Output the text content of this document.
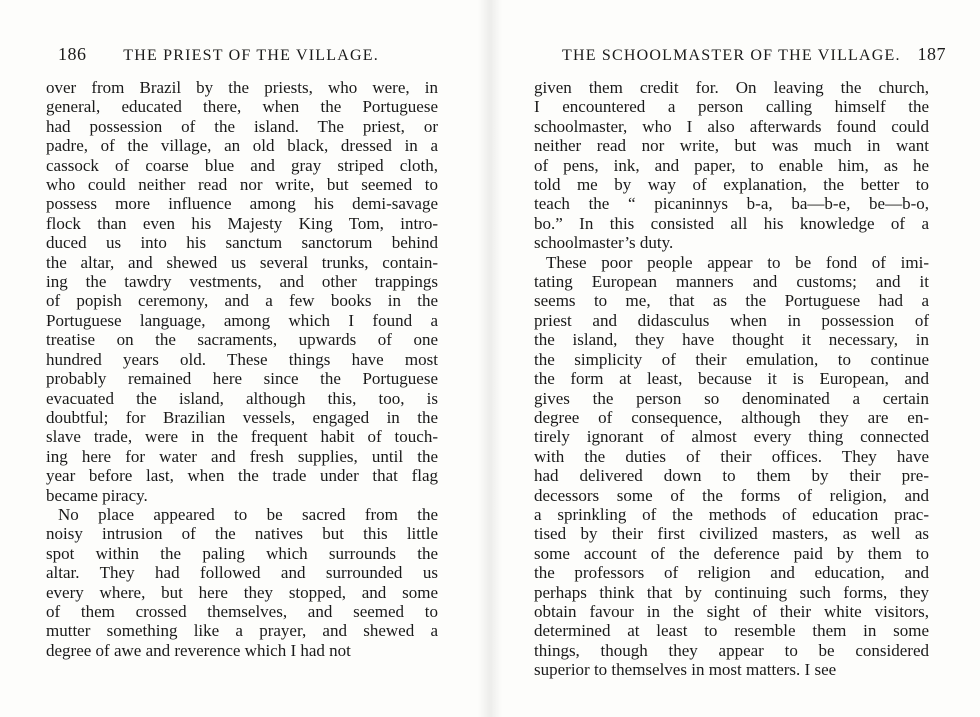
186 THE PRIEST OF THE VILLAGE.
over from Brazil by the priests, who were, in
general, educated there, when the Portuguese
had possession of the island. The priest, or
padre, of the village, an old black, dressed in a
cassock of coarse blue and gray striped cloth,
who could neither read nor write, but seemed to
possess more influence among his demi-savage
flock than even his Majesty King Tom, intro-
duced us into his sanctum sanctorum behind
the altar, and shewed us several trunks, contain-
ing the tawdry vestments, and other trappings
of popish ceremony, and a few books in the
Portuguese language, among which I found a
treatise on the sacraments, upwards of one
hundred years old. These things have most
probably remained here since the Portuguese
evacuated the island, although this, too, is
doubtful; for Brazilian vessels, engaged in the
slave trade, were in the frequent habit of touch-
ing here for water and fresh supplies, until the
year before last, when the trade under that flag
became piracy.
No place appeared to be sacred from the
noisy intrusion of the natives but this little
spot within the paling which surrounds the
altar. They had followed and surrounded us
every where, but here they stopped, and some
of them crossed themselves, and seemed to
mutter something like a prayer, and shewed a
degree of awe and reverence which I had not
THE SCHOOLMASTER OF THE VILLAGE. 187
given them credit for. On leaving the church,
I encountered a person calling himself the
schoolmaster, who I also afterwards found could
neither read nor write, but was much in want
of pens, ink, and paper, to enable him, as he
told me by way of explanation, the better to
teach the “ picaninnys b-a, ba—b-e, be—b-o,
bo.” In this consisted all his knowledge of a
schoolmaster’s duty.
These poor people appear to be fond of imi-
tating European manners and customs; and it
seems to me, that as the Portuguese had a
priest and didasculus when in possession of
the island, they have thought it necessary, in
the simplicity of their emulation, to continue
the form at least, because it is European, and
gives the person so denominated a certain
degree of consequence, although they are en-
tirely ignorant of almost every thing connected
with the duties of their offices. They have
had delivered down to them by their pre-
decessors some of the forms of religion, and
a sprinkling of the methods of education prac-
tised by their first civilized masters, as well as
some account of the deference paid by them to
the professors of religion and education, and
perhaps think that by continuing such forms, they
obtain favour in the sight of their white visitors,
determined at least to resemble them in some
things, though they appear to be considered
superior to themselves in most matters. I see
